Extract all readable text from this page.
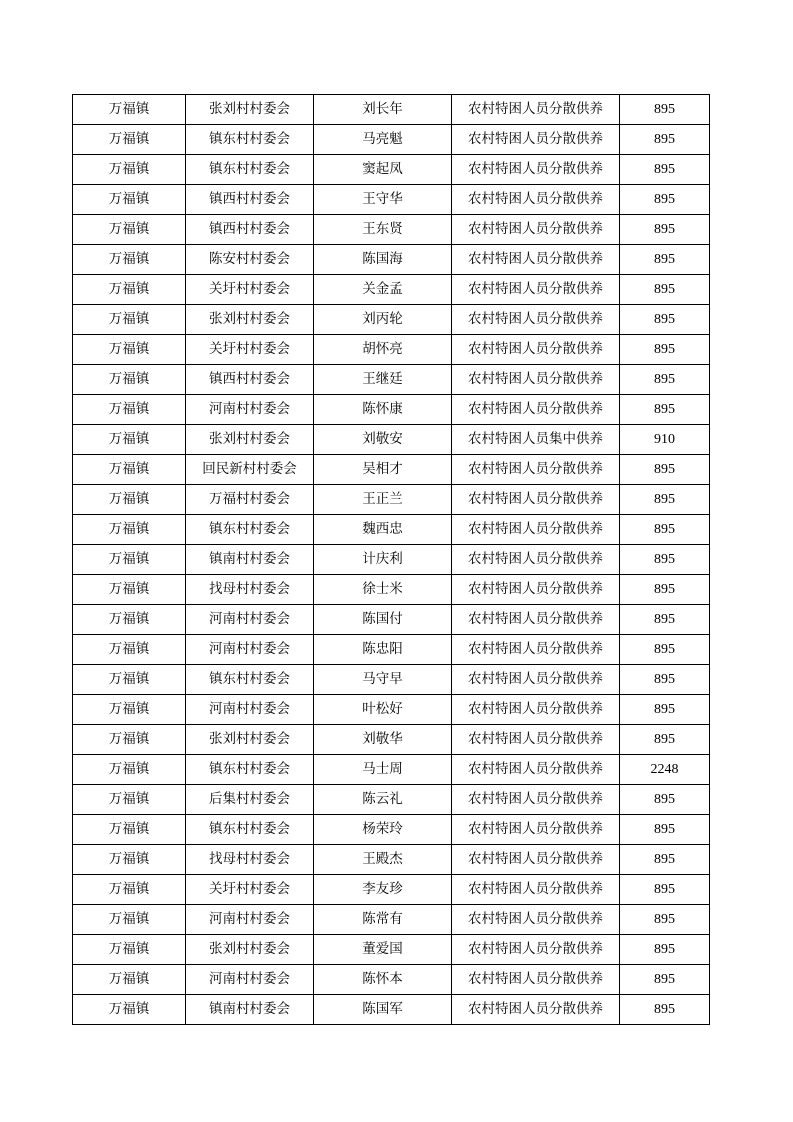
万福镇	张刘村村委会	刘长年	农村特困人员分散供养	895
万福镇	镇东村村委会	马亮魁	农村特困人员分散供养	895
万福镇	镇东村村委会	窦起凤	农村特困人员分散供养	895
万福镇	镇西村村委会	王守华	农村特困人员分散供养	895
万福镇	镇西村村委会	王东贤	农村特困人员分散供养	895
万福镇	陈安村村委会	陈国海	农村特困人员分散供养	895
万福镇	关圩村村委会	关金孟	农村特困人员分散供养	895
万福镇	张刘村村委会	刘丙轮	农村特困人员分散供养	895
万福镇	关圩村村委会	胡怀亮	农村特困人员分散供养	895
万福镇	镇西村村委会	王继廷	农村特困人员分散供养	895
万福镇	河南村村委会	陈怀康	农村特困人员分散供养	895
万福镇	张刘村村委会	刘敬安	农村特困人员集中供养	910
万福镇	回民新村村委会	吴相才	农村特困人员分散供养	895
万福镇	万福村村委会	王正兰	农村特困人员分散供养	895
万福镇	镇东村村委会	魏西忠	农村特困人员分散供养	895
万福镇	镇南村村委会	计庆利	农村特困人员分散供养	895
万福镇	找母村村委会	徐士米	农村特困人员分散供养	895
万福镇	河南村村委会	陈国付	农村特困人员分散供养	895
万福镇	河南村村委会	陈忠阳	农村特困人员分散供养	895
万福镇	镇东村村委会	马守早	农村特困人员分散供养	895
万福镇	河南村村委会	叶松好	农村特困人员分散供养	895
万福镇	张刘村村委会	刘敬华	农村特困人员分散供养	895
万福镇	镇东村村委会	马士周	农村特困人员分散供养	2248
万福镇	后集村村委会	陈云礼	农村特困人员分散供养	895
万福镇	镇东村村委会	杨荣玲	农村特困人员分散供养	895
万福镇	找母村村委会	王殿杰	农村特困人员分散供养	895
万福镇	关圩村村委会	李友珍	农村特困人员分散供养	895
万福镇	河南村村委会	陈常有	农村特困人员分散供养	895
万福镇	张刘村村委会	董爱国	农村特困人员分散供养	895
万福镇	河南村村委会	陈怀本	农村特困人员分散供养	895
万福镇	镇南村村委会	陈国军	农村特困人员分散供养	895
